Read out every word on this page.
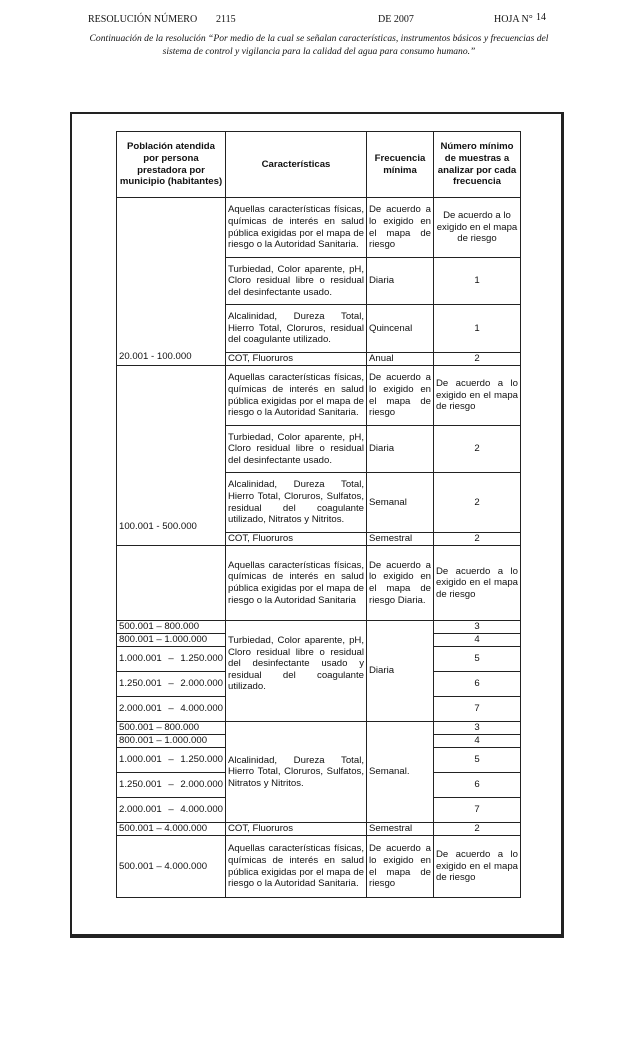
RESOLUCIÓN NÚMERO 2115	DE 2007	HOJA N° 14
Continuación de la resolución “Por medio de la cual se señalan características, instrumentos básicos y frecuencias del sistema de control y vigilancia para la calidad del agua para consumo humano.”
Población atendida por persona prestadora por municipio (habitantes)	Características	Frecuencia mínima	Número mínimo de muestras a analizar por cada frecuencia
20.001 - 100.000	Aquellas características físicas, químicas de interés en salud pública exigidas por el mapa de riesgo o la Autoridad Sanitaria.	De acuerdo a lo exigido en el mapa de riesgo	De acuerdo a lo exigido en el mapa de riesgo
	Turbiedad, Color aparente, pH, Cloro residual libre o residual del desinfectante usado.	Diaria	1
	Alcalinidad, Dureza Total, Hierro Total, Cloruros, residual del coagulante utilizado.	Quincenal	1
	COT, Fluoruros	Anual	2
100.001 - 500.000	Aquellas características físicas, químicas de interés en salud pública exigidas por el mapa de riesgo o la Autoridad Sanitaria.	De acuerdo a lo exigido en el mapa de riesgo	De acuerdo a lo exigido en el mapa de riesgo
	Turbiedad, Color aparente, pH, Cloro residual libre o residual del desinfectante usado.	Diaria	2
	Alcalinidad, Dureza Total, Hierro Total, Cloruros, Sulfatos, residual del coagulante utilizado, Nitratos y Nitritos.	Semanal	2
	COT, Fluoruros	Semestral	2
	Aquellas características físicas, químicas de interés en salud pública exigidas por el mapa de riesgo o la Autoridad Sanitaria	De acuerdo a lo exigido en el mapa de riesgo Diaria.	De acuerdo a lo exigido en el mapa de riesgo
500.001 – 800.000	Turbiedad, Color aparente, pH, Cloro residual libre o residual del desinfectante usado y residual del coagulante utilizado.	Diaria	3
800.001 – 1.000.000			4
1.000.001 – 1.250.000			5
1.250.001 – 2.000.000			6
2.000.001 – 4.000.000			7
500.001 – 800.000	Alcalinidad, Dureza Total, Hierro Total, Cloruros, Sulfatos, Nitratos y Nitritos.	Semanal.	3
800.001 – 1.000.000			4
1.000.001 – 1.250.000			5
1.250.001 – 2.000.000			6
2.000.001 – 4.000.000			7
500.001 – 4.000.000	COT, Fluoruros	Semestral	2
500.001 – 4.000.000	Aquellas características físicas, químicas de interés en salud pública exigidas por el mapa de riesgo o la Autoridad Sanitaria.	De acuerdo a lo exigido en el mapa de riesgo	De acuerdo a lo exigido en el mapa de riesgo
